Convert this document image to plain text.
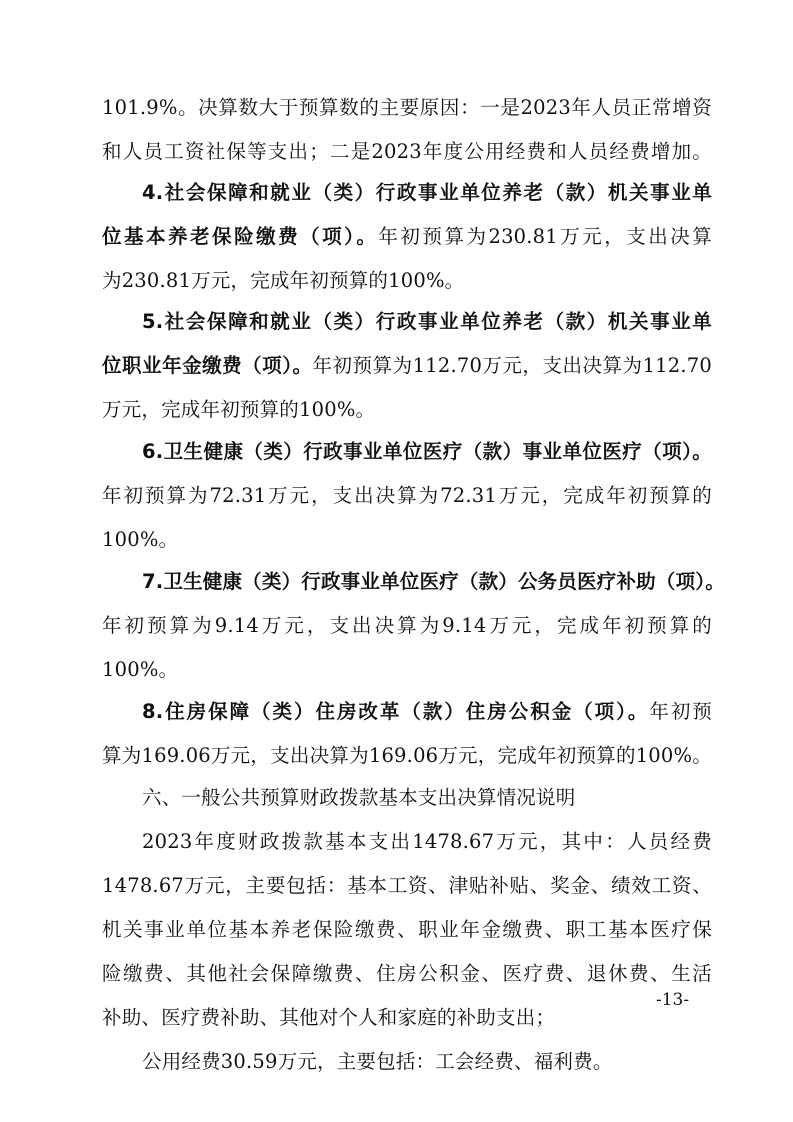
101.9%。决算数大于预算数的主要原因：一是2023年人员正常增资
和人员工资社保等支出；二是2023年度公用经费和人员经费增加。
4.社会保障和就业（类）行政事业单位养老（款）机关事业单
位基本养老保险缴费（项）。年初预算为230.81万元，支出决算
为230.81万元，完成年初预算的100%。
5.社会保障和就业（类）行政事业单位养老（款）机关事业单
位职业年金缴费（项）。年初预算为112.70万元，支出决算为112.70
万元，完成年初预算的100%。
6.卫生健康（类）行政事业单位医疗（款）事业单位医疗（项）。
年初预算为72.31万元，支出决算为72.31万元，完成年初预算的
100%。
7.卫生健康（类）行政事业单位医疗（款）公务员医疗补助（项）。
年初预算为9.14万元，支出决算为9.14万元，完成年初预算的
100%。
8.住房保障（类）住房改革（款）住房公积金（项）。年初预
算为169.06万元，支出决算为169.06万元，完成年初预算的100%。
六、一般公共预算财政拨款基本支出决算情况说明
2023年度财政拨款基本支出1478.67万元，其中：人员经费
1478.67万元，主要包括：基本工资、津贴补贴、奖金、绩效工资、
机关事业单位基本养老保险缴费、职业年金缴费、职工基本医疗保
险缴费、其他社会保障缴费、住房公积金、医疗费、退休费、生活
补助、医疗费补助、其他对个人和家庭的补助支出；
公用经费30.59万元，主要包括：工会经费、福利费。
-13-
